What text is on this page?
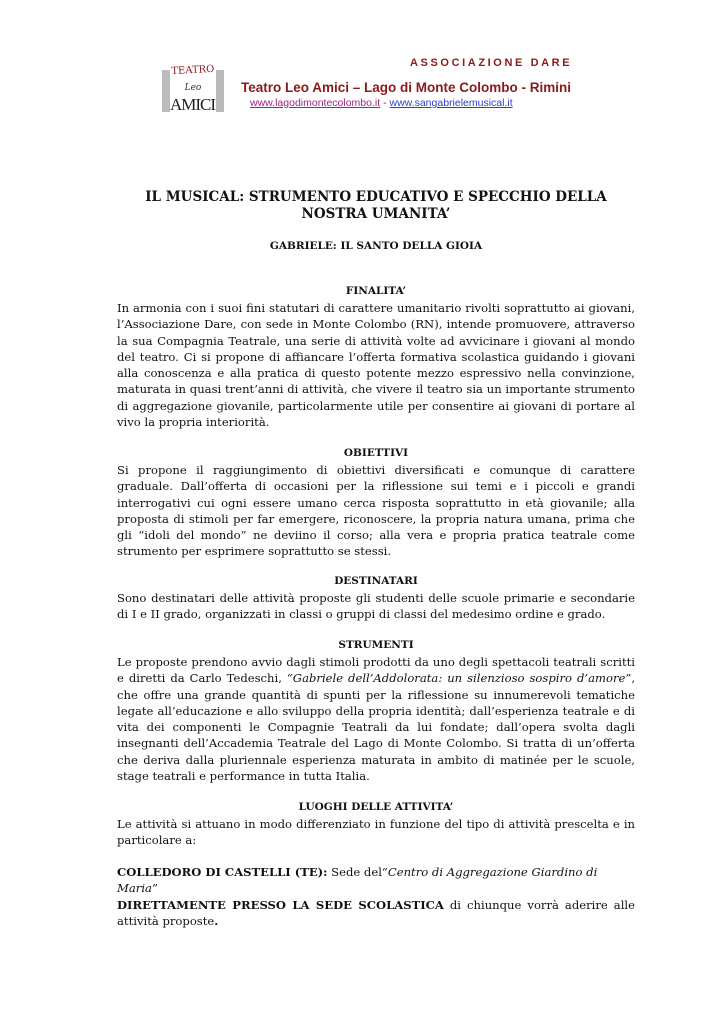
TEATRO
Leo
AMICI
ASSOCIAZIONE DARE
Teatro Leo Amici – Lago di Monte Colombo - Rimini
www.lagodimontecolombo.it - www.sangabrielemusical.it
IL MUSICAL: STRUMENTO EDUCATIVO E SPECCHIO DELLA NOSTRA UMANITA’
GABRIELE: IL SANTO DELLA GIOIA
FINALITA’

In armonia con i suoi fini statutari di carattere umanitario rivolti soprattutto ai giovani, l’Associazione Dare, con sede in Monte Colombo (RN), intende promuovere, attraverso la sua Compagnia Teatrale, una serie di attività volte ad avvicinare i giovani al mondo del teatro. Ci si propone di affiancare l’offerta formativa scolastica guidando i giovani alla conoscenza e alla pratica di questo potente mezzo espressivo nella convinzione, maturata in quasi trent’anni di attività, che vivere il teatro sia un importante strumento di aggregazione giovanile, particolarmente utile per consentire ai giovani di portare al vivo la propria interiorità.

OBIETTIVI

Si propone il raggiungimento di obiettivi diversificati e comunque di carattere graduale. Dall’offerta di occasioni per la riflessione sui temi e i piccoli e grandi interrogativi cui ogni essere umano cerca risposta soprattutto in età giovanile; alla proposta di stimoli per far emergere, riconoscere, la propria natura umana, prima che gli “idoli del mondo” ne deviino il corso; alla vera e propria pratica teatrale come strumento per esprimere soprattutto se stessi.

DESTINATARI

Sono destinatari delle attività proposte gli studenti delle scuole primarie e secondarie di I e II grado, organizzati in classi o gruppi di classi del medesimo ordine e grado.

STRUMENTI

Le proposte prendono avvio dagli stimoli prodotti da uno degli spettacoli teatrali scritti e diretti da Carlo Tedeschi, “Gabriele dell’Addolorata: un silenzioso sospiro d’amore”, che offre una grande quantità di spunti per la riflessione su innumerevoli tematiche legate all’educazione e allo sviluppo della propria identità; dall’esperienza teatrale e di vita dei componenti le Compagnie Teatrali da lui fondate; dall’opera svolta dagli insegnanti dell’Accademia Teatrale del Lago di Monte Colombo. Si tratta di un’offerta che deriva dalla pluriennale esperienza maturata in ambito di matinée per le scuole, stage teatrali e performance in tutta Italia.

LUOGHI DELLE ATTIVITA’

Le attività si attuano in modo differenziato in funzione del tipo di attività prescelta e in particolare a:

COLLEDORO DI CASTELLI (TE): Sede del“Centro di Aggregazione Giardino di Maria”
DIRETTAMENTE PRESSO LA SEDE SCOLASTICA di chiunque vorrà aderire alle attività proposte.
